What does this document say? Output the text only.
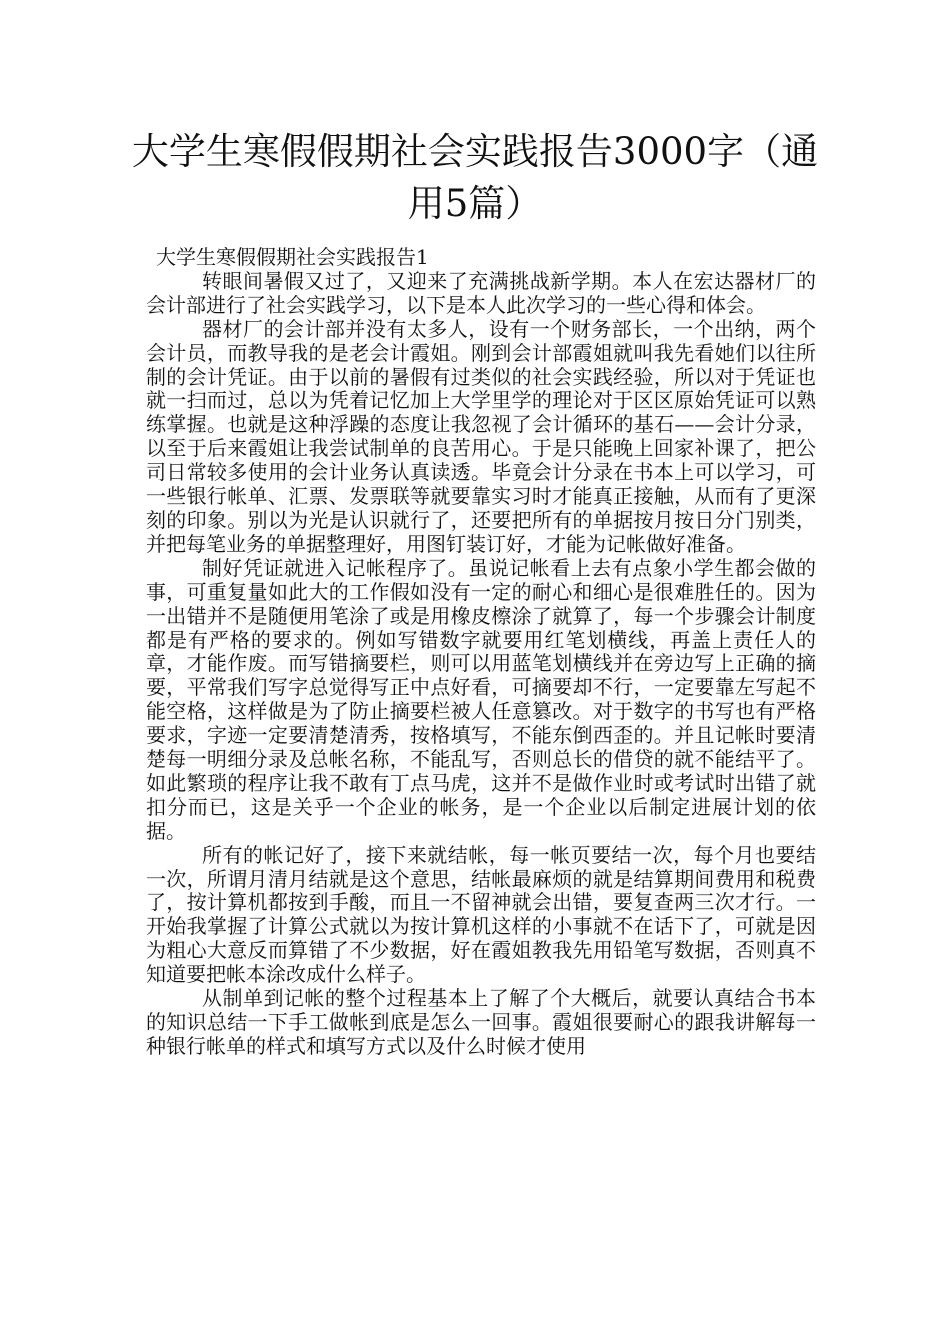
大学生寒假假期社会实践报告3000字（通用5篇）

大学生寒假假期社会实践报告1

转眼间暑假又过了，又迎来了充满挑战新学期。本人在宏达器材厂的会计部进行了社会实践学习，以下是本人此次学习的一些心得和体会。

器材厂的会计部并没有太多人，设有一个财务部长，一个出纳，两个会计员，而教导我的是老会计霞姐。刚到会计部霞姐就叫我先看她们以往所制的会计凭证。由于以前的暑假有过类似的社会实践经验，所以对于凭证也就一扫而过，总以为凭着记忆加上大学里学的理论对于区区原始凭证可以熟练掌握。也就是这种浮躁的态度让我忽视了会计循环的基石——会计分录，以至于后来霞姐让我尝试制单的良苦用心。于是只能晚上回家补课了，把公司日常较多使用的会计业务认真读透。毕竟会计分录在书本上可以学习，可一些银行帐单、汇票、发票联等就要靠实习时才能真正接触，从而有了更深刻的印象。别以为光是认识就行了，还要把所有的单据按月按日分门别类，并把每笔业务的单据整理好，用图钉装订好，才能为记帐做好准备。

制好凭证就进入记帐程序了。虽说记帐看上去有点象小学生都会做的事，可重复量如此大的工作假如没有一定的耐心和细心是很难胜任的。因为一出错并不是随便用笔涂了或是用橡皮檫涂了就算了，每一个步骤会计制度都是有严格的要求的。例如写错数字就要用红笔划横线，再盖上责任人的章，才能作废。而写错摘要栏，则可以用蓝笔划横线并在旁边写上正确的摘要，平常我们写字总觉得写正中点好看，可摘要却不行，一定要靠左写起不能空格，这样做是为了防止摘要栏被人任意篡改。对于数字的书写也有严格要求，字迹一定要清楚清秀，按格填写，不能东倒西歪的。并且记帐时要清楚每一明细分录及总帐名称，不能乱写，否则总长的借贷的就不能结平了。如此繁琐的程序让我不敢有丁点马虎，这并不是做作业时或考试时出错了就扣分而已，这是关乎一个企业的帐务，是一个企业以后制定进展计划的依据。

所有的帐记好了，接下来就结帐，每一帐页要结一次，每个月也要结一次，所谓月清月结就是这个意思，结帐最麻烦的就是结算期间费用和税费了，按计算机都按到手酸，而且一不留神就会出错，要复查两三次才行。一开始我掌握了计算公式就以为按计算机这样的小事就不在话下了，可就是因为粗心大意反而算错了不少数据，好在霞姐教我先用铅笔写数据，否则真不知道要把帐本涂改成什么样子。

从制单到记帐的整个过程基本上了解了个大概后，就要认真结合书本的知识总结一下手工做帐到底是怎么一回事。霞姐很要耐心的跟我讲解每一种银行帐单的样式和填写方式以及什么时候才使用
